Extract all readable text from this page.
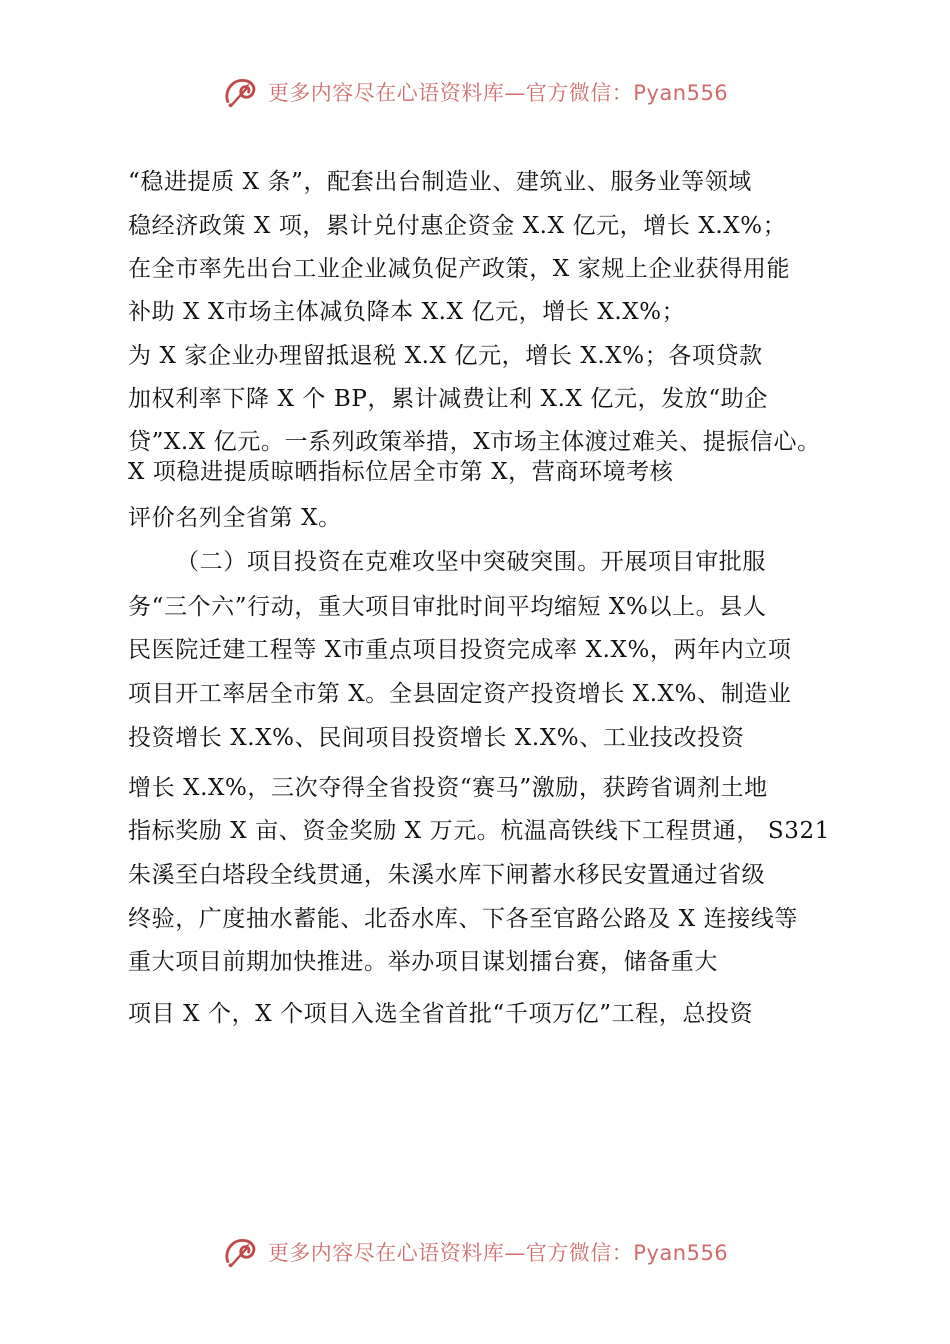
更多内容尽在心语资料库—官方微信：Pyan556
“稳进提质 X 条”，配套出台制造业、建筑业、服务业等领域
稳经济政策 X 项，累计兑付惠企资金 X.X 亿元，增长 X.X%；
在全市率先出台工业企业减负促产政策，X 家规上企业获得用能
补助 X X市场主体减负降本 X.X 亿元，增长 X.X%；
为 X 家企业办理留抵退税 X.X 亿元，增长 X.X%；各项贷款
加权利率下降 X 个 BP，累计减费让利 X.X 亿元，发放“助企
贷”X.X 亿元。一系列政策举措，X市场主体渡过难关、提振信心。
X 项稳进提质晾晒指标位居全市第 X，营商环境考核
评价名列全省第 X。
（二）项目投资在克难攻坚中突破突围。开展项目审批服
务“三个六”行动，重大项目审批时间平均缩短 X%以上。县人
民医院迁建工程等 X市重点项目投资完成率 X.X%，两年内立项
项目开工率居全市第 X。全县固定资产投资增长 X.X%、制造业
投资增长 X.X%、民间项目投资增长 X.X%、工业技改投资
增长 X.X%，三次夺得全省投资“赛马”激励，获跨省调剂土地
指标奖励 X 亩、资金奖励 X 万元。杭温高铁线下工程贯通， S321
朱溪至白塔段全线贯通，朱溪水库下闸蓄水移民安置通过省级
终验，广度抽水蓄能、北岙水库、下各至官路公路及 X 连接线等
重大项目前期加快推进。举办项目谋划擂台赛，储备重大
项目 X 个，X 个项目入选全省首批“千项万亿”工程，总投资
更多内容尽在心语资料库—官方微信：Pyan556
